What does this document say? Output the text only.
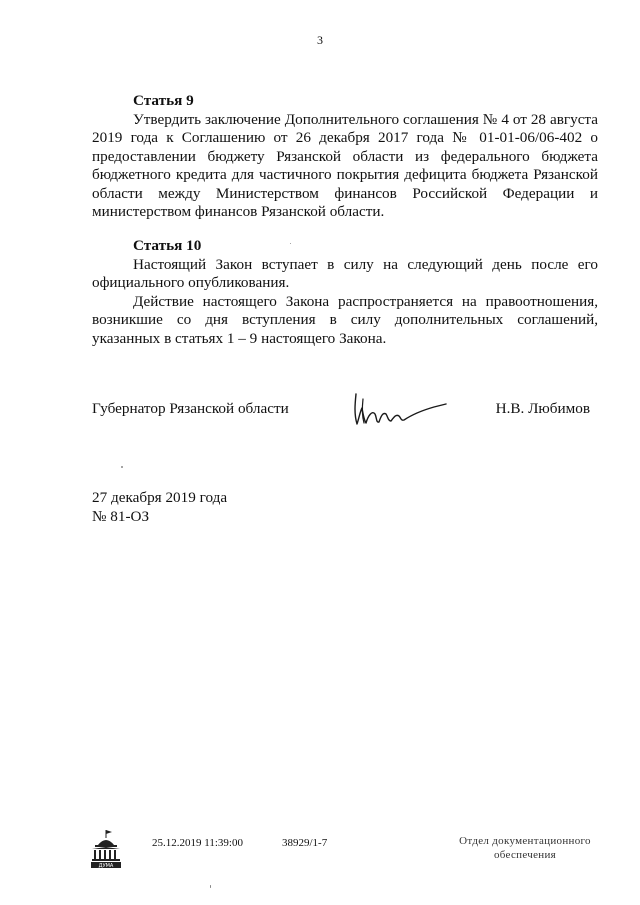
3

Статья 9

Утвердить заключение Дополнительного соглашения № 4 от 28 августа 2019 года к Соглашению от 26 декабря 2017 года № 01-01-06/06-402 о предоставлении бюджету Рязанской области из федерального бюджета бюджетного кредита для частичного покрытия дефицита бюджета Рязанской области между Министерством финансов Российской Федерации и министерством финансов Рязанской области.

Статья 10

Настоящий Закон вступает в силу на следующий день после его официального опубликования.

Действие настоящего Закона распространяется на правоотношения, возникшие со дня вступления в силу дополнительных соглашений, указанных в статьях 1 – 9 настоящего Закона.

Губернатор Рязанской области	Н.В. Любимов
27 декабря 2019 года
№ 81-ОЗ
ДУМА
25.12.2019 11:39:00	38929/1-7	Отдел документационного
обеспечения
